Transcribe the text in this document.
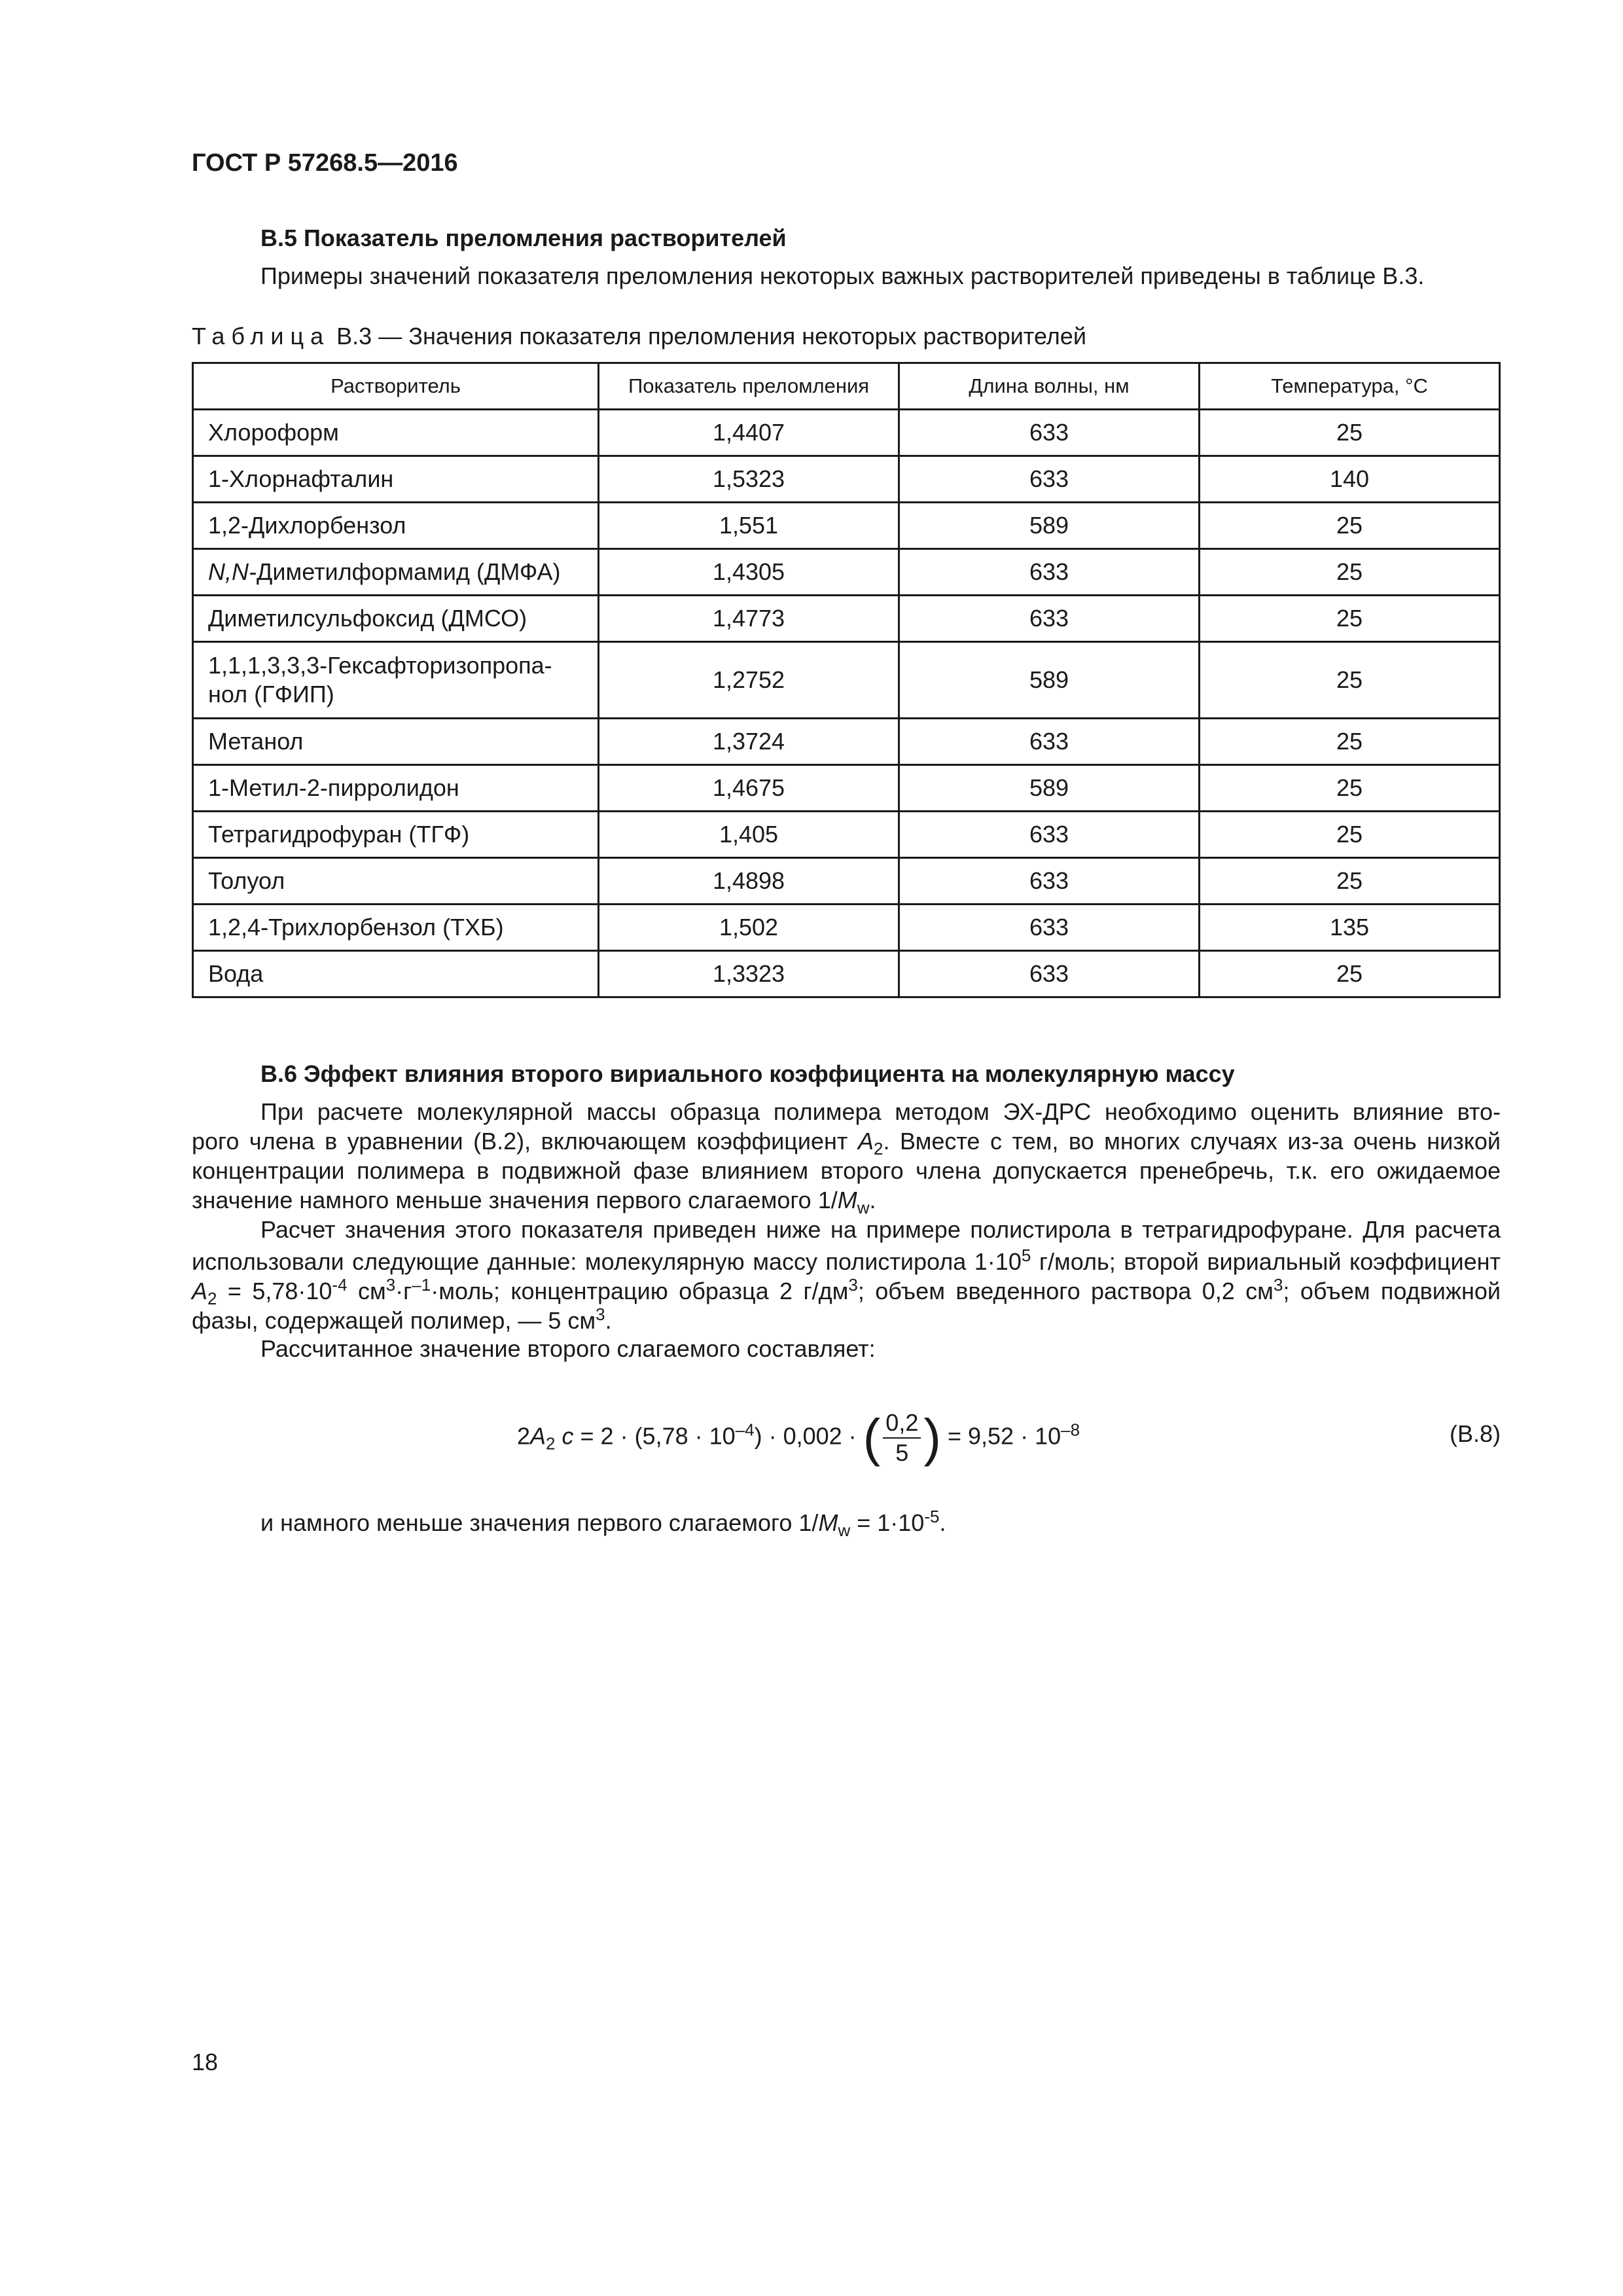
ГОСТ Р 57268.5—2016
В.5 Показатель преломления растворителей
Примеры значений показателя преломления некоторых важных растворителей приведены в таблице В.3.
Таблица В.3 — Значения показателя преломления некоторых растворителей
Растворитель	Показатель преломления	Длина волны, нм	Температура, °С
Хлороформ	1,4407	633	25
1-Хлорнафталин	1,5323	633	140
1,2-Дихлорбензол	1,551	589	25
N,N-Диметилформамид (ДМФА)	1,4305	633	25
Диметилсульфоксид (ДМСО)	1,4773	633	25
1,1,1,3,3,3-Гексафторизопропа-
нол (ГФИП)	1,2752	589	25
Метанол	1,3724	633	25
1-Метил-2-пирролидон	1,4675	589	25
Тетрагидрофуран (ТГФ)	1,405	633	25
Толуол	1,4898	633	25
1,2,4-Трихлорбензол (ТХБ)	1,502	633	135
Вода	1,3323	633	25
В.6 Эффект влияния второго вириального коэффициента на молекулярную массу
При расчете молекулярной массы образца полимера методом ЭХ-ДРС необходимо оценить влияние вто-
рого члена в уравнении (В.2), включающем коэффициент $A_2$. Вместе с тем, во многих случаях из-за очень низкой
концентрации полимера в подвижной фазе влиянием второго члена допускается пренебречь, т.к. его ожидаемое
значение намного меньше значения первого слагаемого $1/M_w$.
Расчет значения этого показателя приведен ниже на примере полистирола в тетрагидрофуране. Для расчета
использовали следующие данные: молекулярную массу полистирола $1\cdot 10^5$ г/моль; второй вириальный коэффициент
$A_2 = 5,78\cdot 10^{-4}$ $см^3\cdot г^{-1}\cdot моль$; концентрацию образца 2 $г/дм^3$; объем введенного раствора 0,2 $см^3$; объем подвижной
фазы, содержащей полимер, — 5 $см^3$.
Рассчитанное значение второго слагаемого составляет:
$2A_2$ $c = 2 \cdot (5,78 \cdot 10^{-4}) \cdot 0,002$ · ( $\frac{0,2}{5}$ ) = $9,52 \cdot 10^{-8}$	(В.8)
и намного меньше значения первого слагаемого $1/M_w = 1\cdot 10^{-5}$.
18
